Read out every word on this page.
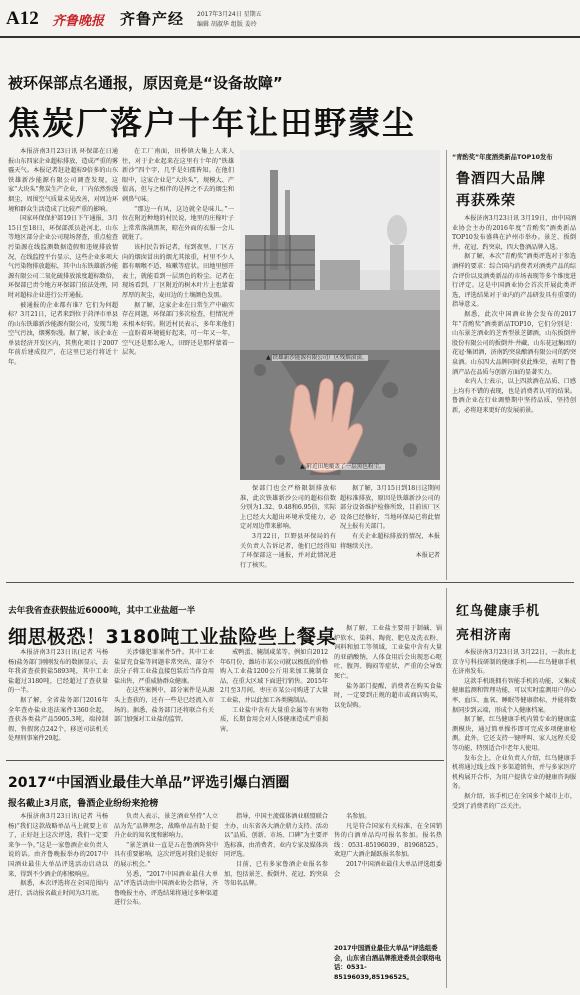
A12 齐鲁晚报 齐鲁产经 2017年3月24日 星期五
编辑 胡淑华 组版 姜玲
被环保部点名通报，原因竟是“设备故障”
焦炭厂落户十年让田野蒙尘

本报济南3月23日讯 环保部在日通报山东四家企业超标排放，造成严重的雾霾天气。本报记者赶赴超标9倍多的山东铁雄新沙能源有限公司调查发现，这家“大块头”焦炭生产企业，厂内依然弥漫烟尘，周围空气质量未见改善，对周边环境和群众生活造成了比较严重的影响。

国家环保保护部19日下午通报，3月15日至18日，环保部派员赴河北、山东等地区部分企业公司现场督查，重点检查污染源在线监测数据造假和违规排放情况，在线监控平台显示，这些企业多项大气污染物排放超标，其中山东铁雄新沙能源有限公司二氧化硫排放浓度超标数倍，环保部已责令地方环保部门依法处理，同时对超标企业进行公开通报。

被通报的企业都有谁？它们为何超标？3月21日，记者来到位于菏泽市单县的山东铁雄新沙能源有限公司，发现当地空气污浊，烟雾弥漫。据了解，该企业在单县经济开发区内，其焦化项目于2007年前后建成投产，在这里已运行将近十年。

在工厂南面，田桥镇大集上人来人往，对于企业起来在这里有十年的“铁雄新沙”四个字，几乎是妇孺皆知。在他们眼中，这家企业是“大块头”，规模大、产值高，但与之相伴的是挥之不去的烟尘和刺鼻气味。

“那边一有风，这边就全是味儿。”一位在附近种地的村民说，地里的庄稼叶子上常常落满黑灰，晾在外面的衣服一会儿就脏了。

该村民告诉记者，每到夜里，厂区方向的烟囱冒出的烟尤其浓重，村里不少人都有咽喉不适、咳嗽等症状。田地里刨开表土，就能看到一层黑色的粉尘。记者在现场看到，厂区附近的树木叶片上也蒙着厚厚的灰尘，麦田边的土壤颜色发黑。

据了解，这家企业在日常生产中确实存在问题，环保部门多次检查，但情况并未根本好转。附近村民表示，多年来他们一直盼着环境能好起来，可一年又一年，空气还是那么呛人，田野还是那样蒙着一层灰。

▲ 铁雄新沙能源有限公司厂区残烟滚滚。
▲ 附近田地覆盖了一层黑色粉尘。

保部门也会严格限制排放标准，此次铁雄新沙公司的超标倍数分别为1.32、9.48和6.95倍，实际上已经大大超出环境承受能力，必定对周边带来影响。

3月22日，巨野县环保局的有关负责人告诉记者，他们已经得知了环保部这一通报，并对此情况进行了核实。

据了解，3月15日到18日这期间超标准排放，原因是铁雄新沙公司的部分设备维护检修所致，目前该厂区设备已经修好，当地环保局已将此情况上报有关部门。

有关企业超标排放的情况，本报将继续关注。

本报记者

“青酌奖”年度酒类新品TOP10发布
鲁酒四大品牌
再获殊荣

本报济南3月23日讯 3月19日，由中国酒业协会主办的2016年度“青酌奖”酒类新品TOP10发布盛典在泸州市举办。景芝、扳倒井、花冠、趵突泉，四大鲁酒品牌入选。

据了解，本次“青酌奖”酒类评选对于参选酒样的要求：综合国内消费者对酒类产品的综合评价以及酒类新品的市场表现等多个维度进行评定。这是中国酒业协会首次开展此类评选，评选结果对于业内的产品研发具有重要的指导意义。

据悉，此次中国酒业协会发布的2017年“青酌奖”酒类新品TOP10，它们分别是：山东景芝酒业的芝香型景芝御酒，山东扳倒井股份有限公司的扳倒井·井藏，山东花冠集团的花冠·集团酒，济南趵突泉酿酒有限公司的趵突泉酒。山东四大品牌同时获此殊荣，表明了鲁酒产品在品质与创新方面的显著实力。

业内人士表示，以上四款酒在品质、口感上均有不错的表现，也是消费者认可的结果。鲁酒企业在行业调整期中坚持品质，坚持创新，必将迎来更好的发展前景。

去年我省查获假盐近6000吨，其中工业盐超一半
细思极恐！3180吨工业盐险些上餐桌

本报济南3月23日讯(记者 马杨杨)盐务部门刚刚发布的数据显示，去年我省查获假盐5893吨，其中工业盐超过3180吨，已经超过了查获量的一半。

据了解，全省盐务部门2016年全年查办盐业违法案件1360余起，查获各类盐产品5905.3吨，端掉制假、售假窝点242个，移送司法机关处理刑事案件29起。

关涉嫌犯罪案件5件。其中工业盐冒充食盐等问题非常突出，部分不法分子将工业盐直接包装后当作食用盐出售，严重威胁群众健康。

在这些案例中，部分案件是从源头上查获的，还有一些是已经流入市场的。据悉，盐务部门还将联合有关部门加强对工业盐的监管。

戒鸭蛋、腌制咸菜等。例如自2012年6月份，潍坊市某公司就以极低的价格购入工业盐1200公斤用来加工腌制食品，在重大区域下面进行销售。2015年2月至3月间，枣庄市某公司购进了大量工业盐，并以此加工各类腌制品。

工业盐中含有大量重金属等有害物质，长期食用会对人体健康造成严重损害。

据了解，工业盐主要用于制碱、锅炉软水、染料、陶瓷、肥皂及洗衣粉、饲料和加工等领域，工业盐中含有大量的亚硝酸钠，人体食用后会出现恶心呕吐、腹泻、胸闷等症状，严重的会导致死亡。

盐务部门提醒，消费者在购买食盐时，一定要到正规的超市或商店购买，以免误购。

红鸟健康手机
亮相济南

本报济南3月23日讯 3月22日，一款由北京寺号科技研制的健康手机——红鸟健康手机在济南发布。

这款手机既拥有智能手机的功能，又集成健康监测和管理功能，可以实时监测用户的心率、血压、血氧、睡眠等健康指标，并能将数据同步到云端，形成个人健康档案。

据了解，红鸟健康手机内置专业的健康监测模块，通过简单操作即可完成多项健康检测。此外，它还支持一键呼叫、家人远程关爱等功能，特别适合中老年人使用。

发布会上，企业负责人介绍，红鸟健康手机将通过线上线下多渠道销售，并与多家医疗机构展开合作，为用户提供专业的健康咨询服务。

据介绍，该手机已在全国多个城市上市，受到了消费者的广泛关注。

2017“中国酒业最佳大单品”评选引爆白酒圈
报名截止3月底，鲁酒企业纷纷来抢榜

本报济南3月23日讯(记者 马杨杨)“我们这款战略单品马上就要上市了，正好赶上这次评选，我们一定要来争一争。”这是一家鲁酒企业负责人说的话。由齐鲁晚报举办的2017中国酒业最佳大单品评选活动启动以来，得到不少酒企的积极响应。

据悉，本次评选将在全国范围内进行，活动报名截止时间为3月底。

负责人表示，景芝酒业坚持“人立品为先”品牌理念，战略单品有助于提升企业的知名度和影响力。

“景芝酒业一直是五在鲁酒阵营中具有重要影响，这次评选对我们是很好的展示机会。”

另悉，“2017中国酒业最佳大单品”评选活动由中国酒业协会指导，齐鲁晚报主办，评选结果将通过多种渠道进行公布。

指导，中国主流媒体酒业联盟联合主办，山东省各大酒企鼎力支持。活动以“品质、创新、市场、口碑”为主要评选标准，由消费者、业内专家及媒体共同评选。

目前，已有多家鲁酒企业报名参加，包括景芝、扳倒井、花冠、趵突泉等知名品牌。

名参加。

凡是符合国家有关标准，在全国销售的白酒单品均可报名参加。报名热线：0531-85196039，81968525。欢迎广大酒企踊跃报名参加。

2017中国酒业最佳大单品评选组委会

2017中国酒业最佳大单品”评选组委会，山东省白酒品牌推进委员会联络电话：0531-85196039,85196525。
